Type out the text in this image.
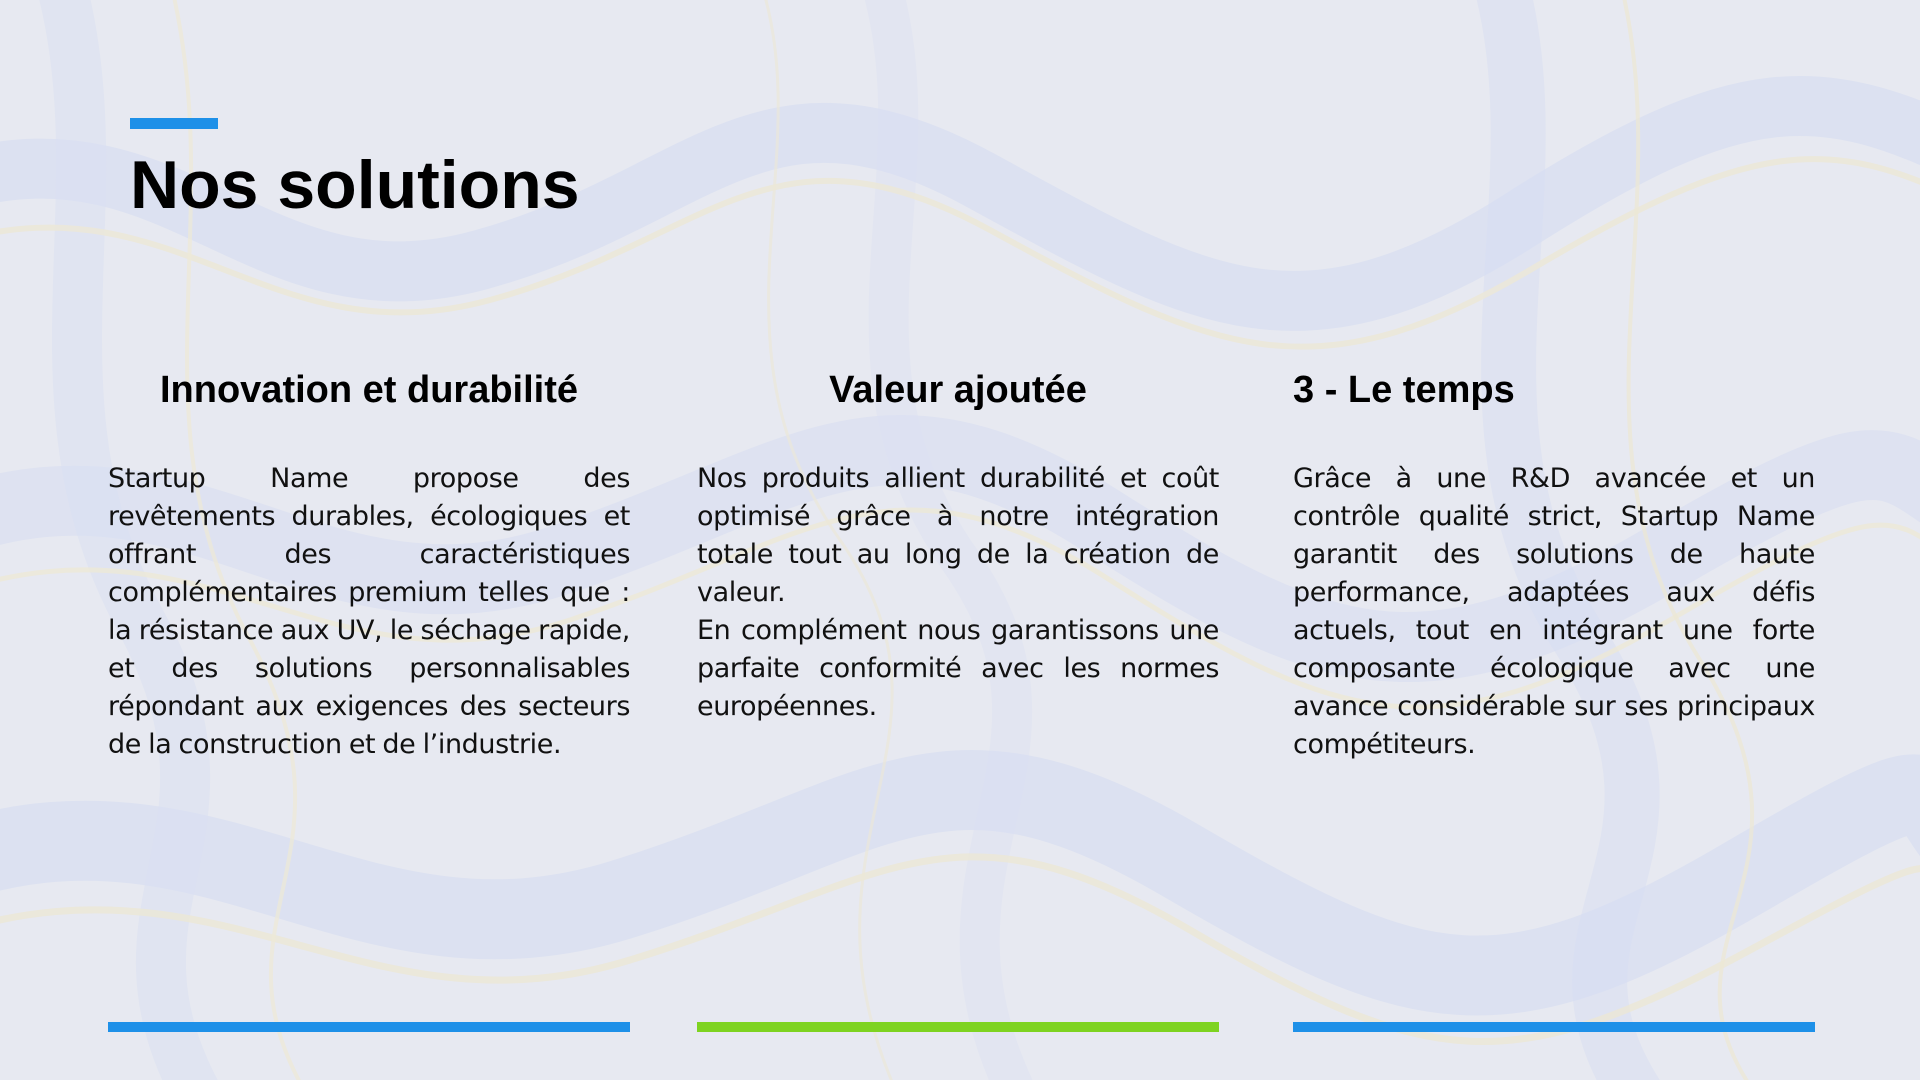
Nos solutions
Innovation et durabilité

Startup Name propose des revêtements durables, écologiques et offrant des caractéristiques complémentaires premium telles que : la résistance aux UV, le séchage rapide, et des solutions personnalisables répondant aux exigences des secteurs de la construction et de l’industrie.

Valeur ajoutée

Nos produits allient durabilité et coût optimisé grâce à notre intégration totale tout au long de la création de valeur.
En complément nous garantissons une parfaite conformité avec les normes européennes.

3 - Le temps

Grâce à une R&D avancée et un contrôle qualité strict, Startup Name garantit des solutions de haute performance, adaptées aux défis actuels, tout en intégrant une forte composante écologique avec une avance considérable sur ses principaux compétiteurs.
